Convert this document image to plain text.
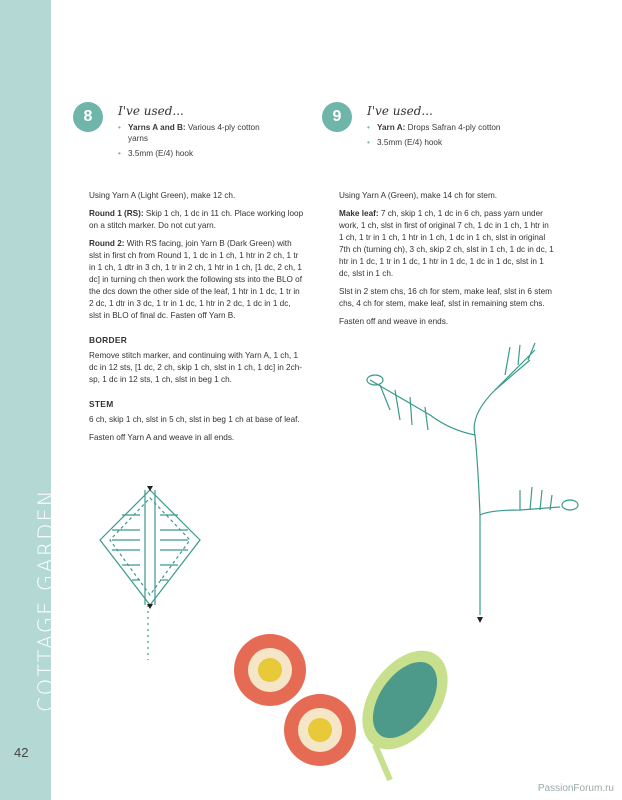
COTTAGE GARDEN
42
8	I've used...
• Yarns A and B: Various 4-ply cotton yarns
• 3.5mm (E/4) hook
9	I've used...
• Yarn A: Drops Safran 4-ply cotton
• 3.5mm (E/4) hook

Using Yarn A (Light Green), make 12 ch.

Round 1 (RS): Skip 1 ch, 1 dc in 11 ch. Place working loop on a stitch marker. Do not cut yarn.

Round 2: With RS facing, join Yarn B (Dark Green) with slst in first ch from Round 1, 1 dc in 1 ch, 1 htr in 2 ch, 1 tr in 1 ch, 1 dtr in 3 ch, 1 tr in 2 ch, 1 htr in 1 ch, [1 dc, 2 ch, 1 dc] in turning ch then work the following sts into the BLO of the dcs down the other side of the leaf, 1 htr in 1 dc, 1 tr in 2 dc, 1 dtr in 3 dc, 1 tr in 1 dc, 1 htr in 2 dc, 1 dc in 1 dc, slst in BLO of final dc. Fasten off Yarn B.

BORDER

Remove stitch marker, and continuing with Yarn A, 1 ch, 1 dc in 12 sts, [1 dc, 2 ch, skip 1 ch, slst in 1 ch, 1 dc] in 2ch-sp, 1 dc in 12 sts, 1 ch, slst in beg 1 ch.

STEM

6 ch, skip 1 ch, slst in 5 ch, slst in beg 1 ch at base of leaf.

Fasten off Yarn A and weave in all ends.

Using Yarn A (Green), make 14 ch for stem.

Make leaf: 7 ch, skip 1 ch, 1 dc in 6 ch, pass yarn under work, 1 ch, slst in first of original 7 ch, 1 dc in 1 ch, 1 htr in 1 ch, 1 tr in 1 ch, 1 htr in 1 ch, 1 dc in 1 ch, slst in original 7th ch (turning ch), 3 ch, skip 2 ch, slst in 1 ch, 1 dc in dc, 1 htr in 1 dc, 1 tr in 1 dc, 1 htr in 1 dc, 1 dc in 1 dc, slst in 1 dc, slst in 1 ch.

Slst in 2 stem chs, 16 ch for stem, make leaf, slst in 6 stem chs, 4 ch for stem, make leaf, slst in remaining stem chs.

Fasten off and weave in ends.

PassionForum.ru
